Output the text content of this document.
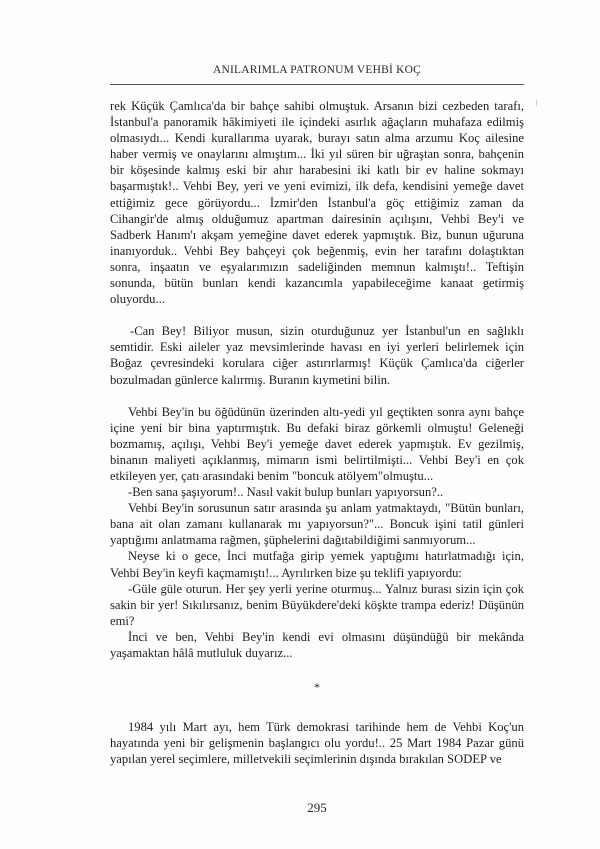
ANILARIMLA PATRONUM VEHBİ KOÇ

rek Küçük Çamlıca'da bir bahçe sahibi olmuştuk. Arsanın bizi cezbeden tarafı, İstanbul'a panoramik hâkimiyeti ile içindeki asırlık ağaçların muhafaza edilmiş olmasıydı... Kendi kurallarıma uyarak, burayı satın alma arzumu Koç ailesine haber vermiş ve onaylarını almıştım... İki yıl süren bir uğraştan sonra, bahçenin bir köşesinde kalmış eski bir ahır harabesini iki katlı bir ev haline sokmayı başarmıştık!.. Vehbi Bey, yeri ve yeni evimizi, ilk defa, kendisini yemeğe davet ettiğimiz gece görüyordu... İzmir'den İstanbul'a göç ettiğimiz zaman da Cihangir'de almış olduğumuz apartman dairesinin açılışını, Vehbi Bey'i ve Sadberk Hanım'ı akşam yemeğine davet ederek yapmıştık. Biz, bunun uğuruna inanıyorduk.. Vehbi Bey bahçeyi çok beğenmiş, evin her tarafını dolaştıktan sonra, inşaatın ve eşyalarımızın sadeliğinden memnun kalmıştı!.. Teftişin sonunda, bütün bunları kendi kazancımla yapabileceğime kanaat getirmiş oluyordu...

-Can Bey! Biliyor musun, sizin oturduğunuz yer İstanbul'un en sağlıklı semtidir. Eski aileler yaz mevsimlerinde havası en iyi yerleri belirlemek için Boğaz çevresindeki korulara ciğer astırırlarmış! Küçük Çamlıca'da ciğerler bozulmadan günlerce kalırmış. Buranın kıymetini bilin.

Vehbi Bey'in bu öğüdünün üzerinden altı-yedi yıl geçtikten sonra aynı bahçe içine yeni bir bina yaptırmıştık. Bu defaki biraz görkemli olmuştu! Geleneği bozmamış, açılışı, Vehbi Bey'i yemeğe davet ederek yapmıştık. Ev gezilmiş, binanın maliyeti açıklanmış, mimarın ismi belirtilmişti... Vehbi Bey'i en çok etkileyen yer, çatı arasındaki benim "boncuk atölyem"olmuştu...

-Ben sana şaşıyorum!.. Nasıl vakit bulup bunları yapıyorsun?..

Vehbi Bey'in sorusunun satır arasında şu anlam yatmaktaydı, "Bütün bunları, bana ait olan zamanı kullanarak mı yapıyorsun?"... Boncuk işini tatil günleri yaptığımı anlatmama rağmen, şüphelerini dağıtabildiğimi sanmıyorum...

Neyse ki o gece, İnci mutfağa girip yemek yaptığımı hatırlatmadığı için, Vehbi Bey'in keyfi kaçmamıştı!... Ayrılırken bize şu teklifi yapıyordu:

-Güle güle oturun. Her şey yerli yerine oturmuş... Yalnız burası sizin için çok sakin bir yer! Sıkılırsanız, benim Büyükdere'deki köşkte trampa ederiz! Düşünün emi?

İnci ve ben, Vehbi Bey'in kendi evi olmasını düşündüğü bir mekânda yaşamaktan hâlâ mutluluk duyarız...

*

1984 yılı Mart ayı, hem Türk demokrasi tarihinde hem de Vehbi Koç'un hayatında yeni bir gelişmenin başlangıcı olu yordu!.. 25 Mart 1984 Pazar günü yapılan yerel seçimlere, milletvekili seçimlerinin dışında bırakılan SODEP ve

295
